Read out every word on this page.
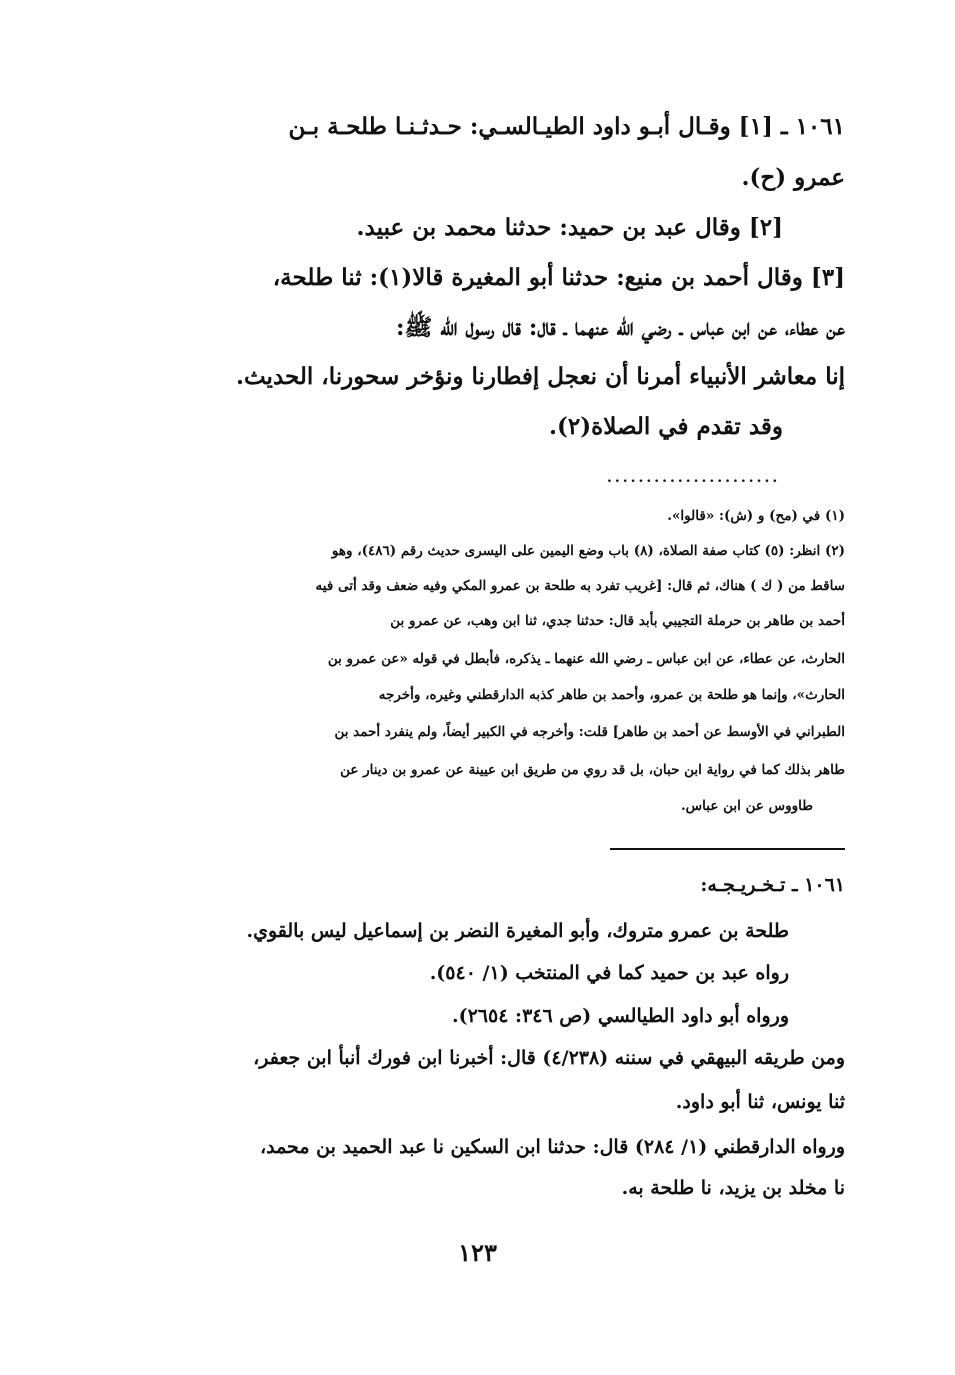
١٠٦١ ـ [١] وقـال أبـو داود الطيـالسـي: حـدثـنـا طلحـة بـن
عمرو (ح).
[٢] وقال عبد بن حميد: حدثنا محمد بن عبيد.
[٣] وقال أحمد بن منيع: حدثنا أبو المغيرة قالا(١): ثنا طلحة،
عن عطاء، عن ابن عباس ـ رضي الله عنهما ـ قال: قال رسول الله ﷺ:
إنا معاشر الأنبياء أمرنا أن نعجل إفطارنا ونؤخر سحورنا، الحديث.
وقد تقدم في الصلاة(٢).
......................
(١) في (مح) و (ش): «قالوا».
(٢) انظر: (٥) كتاب صفة الصلاة، (٨) باب وضع اليمين على اليسرى حديث رقم (٤٨٦)، وهو
ساقط من ( ك ) هناك، ثم قال: [غريب تفرد به طلحة بن عمرو المكي وفيه ضعف وقد أتى فيه
أحمد بن طاهر بن حرملة التجيبي بأبد قال: حدثنا جدي، ثنا ابن وهب، عن عمرو بن
الحارث، عن عطاء، عن ابن عباس ـ رضي الله عنهما ـ يذكره، فأبطل في قوله «عن عمرو بن
الحارث»، وإنما هو طلحة بن عمرو، وأحمد بن طاهر كذبه الدارقطني وغيره، وأخرجه
الطبراني في الأوسط عن أحمد بن طاهر] قلت: وأخرجه في الكبير أيضاً، ولم ينفرد أحمد بن
طاهر بذلك كما في رواية ابن حبان، بل قد روي من طريق ابن عيينة عن عمرو بن دينار عن
طاووس عن ابن عباس.
١٠٦١ ـ تـخـريـجـه:
طلحة بن عمرو متروك، وأبو المغيرة النضر بن إسماعيل ليس بالقوي.
رواه عبد بن حميد كما في المنتخب (١/ ٥٤٠).
ورواه أبو داود الطيالسي (ص ٣٤٦: ٢٦٥٤).
ومن طريقه البيهقي في سننه (٤/٢٣٨) قال: أخبرنا ابن فورك أنبأ ابن جعفر،
ثنا يونس، ثنا أبو داود.
ورواه الدارقطني (١/ ٢٨٤) قال: حدثنا ابن السكين نا عبد الحميد بن محمد،
نا مخلد بن يزيد، نا طلحة به.
١٢٣
